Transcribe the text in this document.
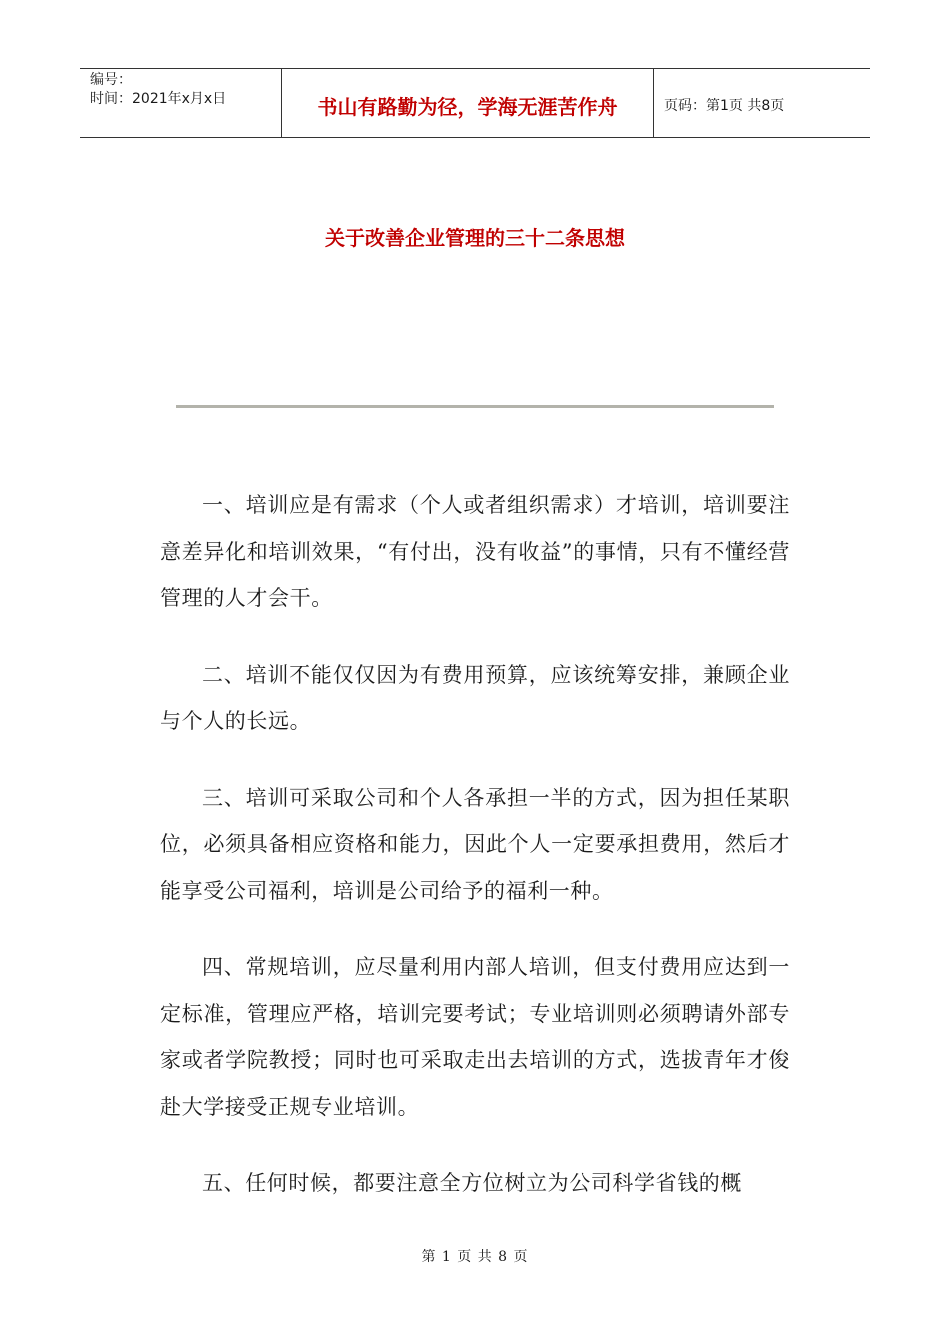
编号：
时间：2021年x月x日	书山有路勤为径，学海无涯苦作舟	页码：第1页 共8页
关于改善企业管理的三十二条思想

一、培训应是有需求（个人或者组织需求）才培训，培训要注意差异化和培训效果，“有付出，没有收益”的事情，只有不懂经营管理的人才会干。

二、培训不能仅仅因为有费用预算，应该统筹安排，兼顾企业与个人的长远。

三、培训可采取公司和个人各承担一半的方式，因为担任某职位，必须具备相应资格和能力，因此个人一定要承担费用，然后才能享受公司福利，培训是公司给予的福利一种。

四、常规培训，应尽量利用内部人培训，但支付费用应达到一定标准，管理应严格，培训完要考试；专业培训则必须聘请外部专家或者学院教授；同时也可采取走出去培训的方式，选拔青年才俊赴大学接受正规专业培训。

五、任何时候，都要注意全方位树立为公司科学省钱的概

第 1 页 共 8 页
